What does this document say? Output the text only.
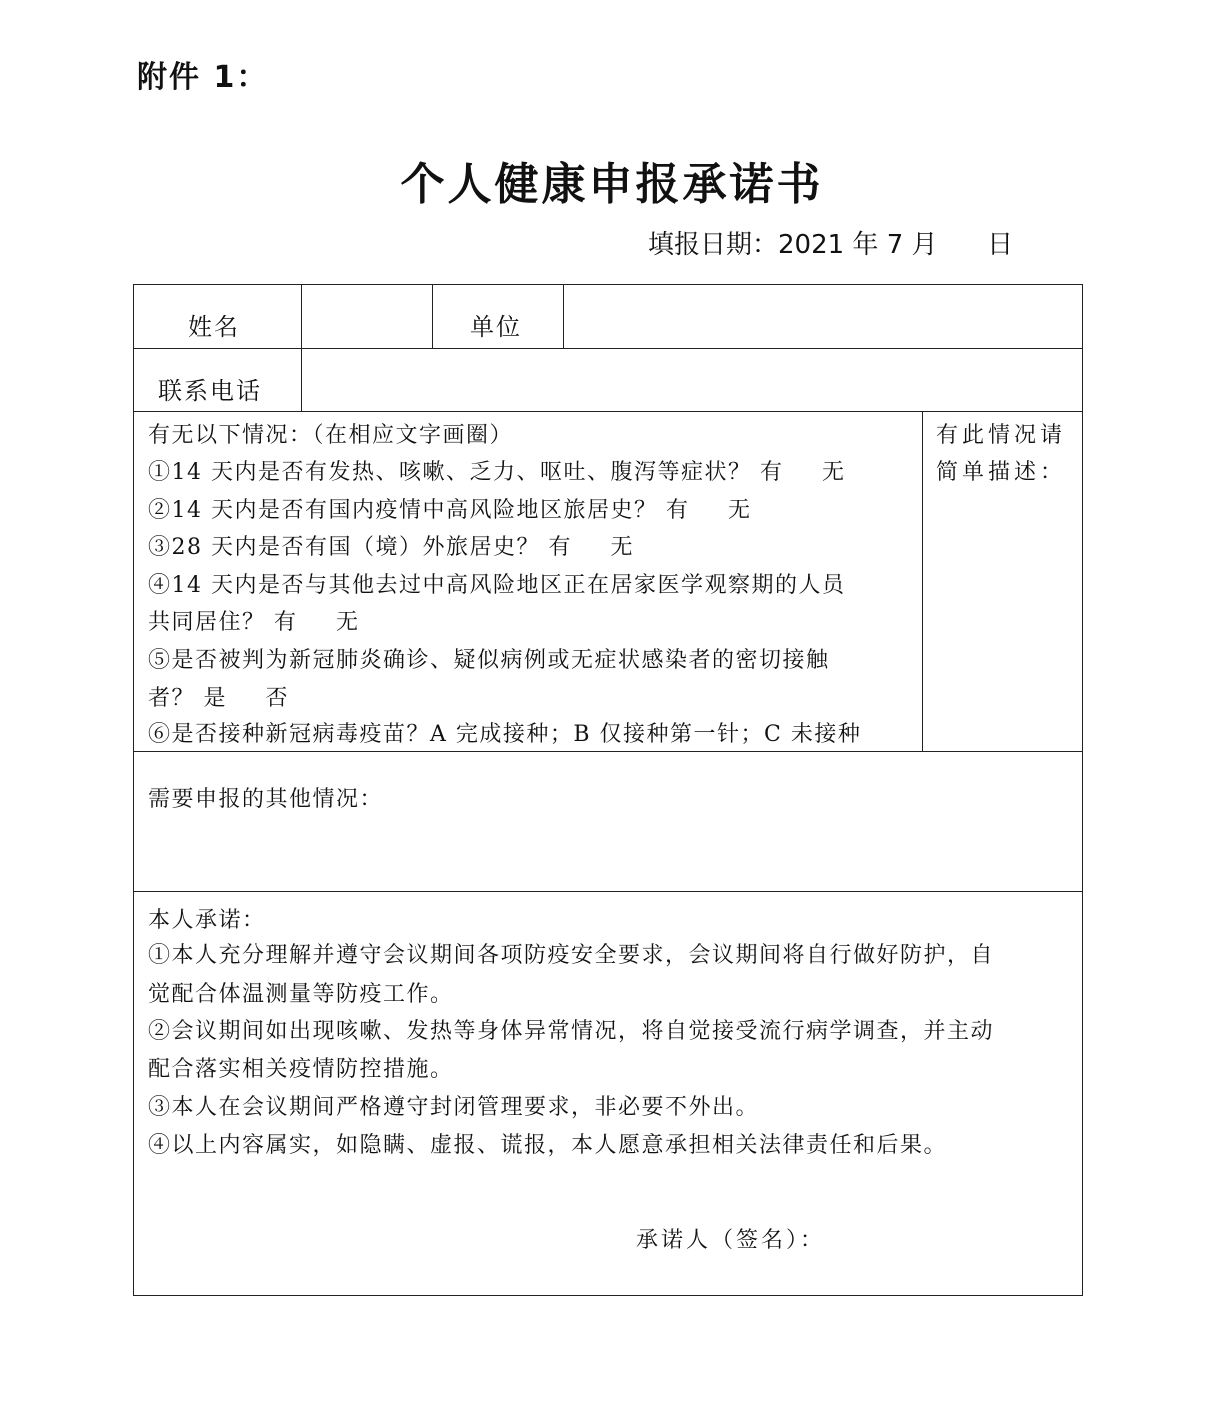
附件 1：
个人健康申报承诺书
填报日期：2021 年 7 月      日
姓名	单位
联系电话
有无以下情况：（在相应文字画圈）
①14 天内是否有发热、咳嗽、乏力、呕吐、腹泻等症状？ 有 无
②14 天内是否有国内疫情中高风险地区旅居史？ 有 无
③28 天内是否有国（境）外旅居史？ 有 无
④14 天内是否与其他去过中高风险地区正在居家医学观察期的人员
共同居住？ 有 无
⑤是否被判为新冠肺炎确诊、疑似病例或无症状感染者的密切接触
者？ 是 否
⑥是否接种新冠病毒疫苗？A 完成接种；B 仅接种第一针；C 未接种
有此情况请
简单描述：
需要申报的其他情况：
本人承诺：
①本人充分理解并遵守会议期间各项防疫安全要求，会议期间将自行做好防护，自
觉配合体温测量等防疫工作。
②会议期间如出现咳嗽、发热等身体异常情况，将自觉接受流行病学调查，并主动
配合落实相关疫情防控措施。
③本人在会议期间严格遵守封闭管理要求，非必要不外出。
④以上内容属实，如隐瞒、虚报、谎报，本人愿意承担相关法律责任和后果。
承诺人（签名）：
